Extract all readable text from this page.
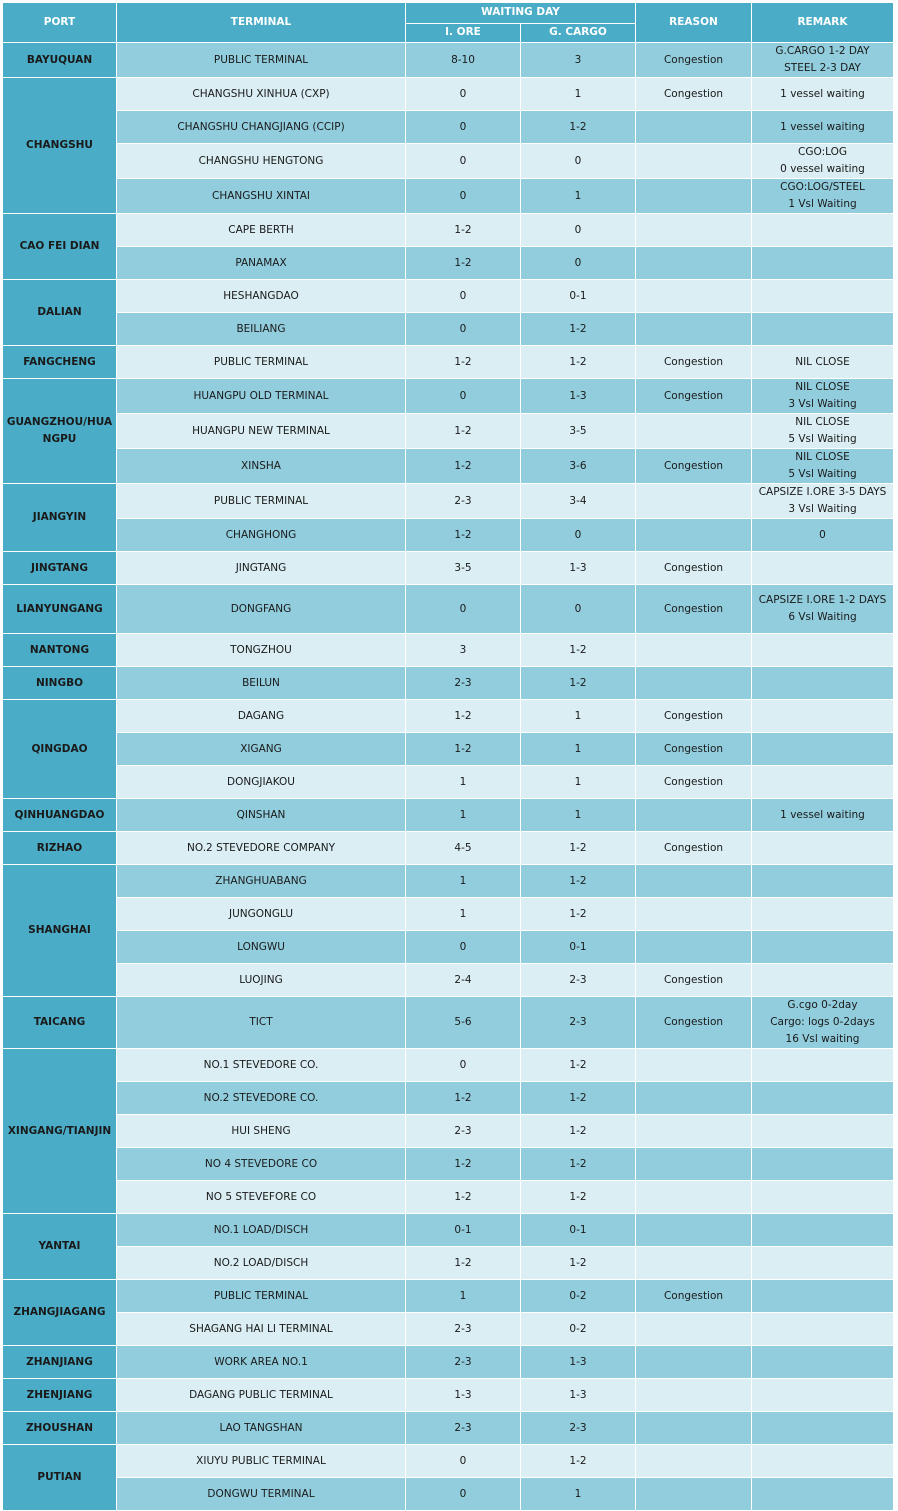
PORT	TERMINAL	WAITING DAY		REASON	REMARK
		I. ORE	G. CARGO		
BAYUQUAN	PUBLIC TERMINAL	8-10	3	Congestion	G.CARGO 1-2 DAY
STEEL 2-3 DAY
CHANGSHU	CHANGSHU XINHUA (CXP)	0	1	Congestion	1 vessel waiting
	CHANGSHU CHANGJIANG (CCIP)	0	1-2		1 vessel waiting
	CHANGSHU HENGTONG	0	0		CGO:LOG
0 vessel waiting
	CHANGSHU XINTAI	0	1		CGO:LOG/STEEL
1 Vsl Waiting
CAO FEI DIAN	CAPE BERTH	1-2	0		
	PANAMAX	1-2	0		
DALIAN	HESHANGDAO	0	0-1		
	BEILIANG	0	1-2		
FANGCHENG	PUBLIC TERMINAL	1-2	1-2	Congestion	NIL CLOSE
GUANGZHOU/HUA
NGPU	HUANGPU OLD TERMINAL	0	1-3	Congestion	NIL CLOSE
3 Vsl Waiting
	HUANGPU NEW TERMINAL	1-2	3-5		NIL CLOSE
5 Vsl Waiting
	XINSHA	1-2	3-6	Congestion	NIL CLOSE
5 Vsl Waiting
JIANGYIN	PUBLIC TERMINAL	2-3	3-4		CAPSIZE I.ORE 3-5 DAYS
3 Vsl Waiting
	CHANGHONG	1-2	0		0
JINGTANG	JINGTANG	3-5	1-3	Congestion	
LIANYUNGANG	DONGFANG	0	0	Congestion	CAPSIZE I.ORE 1-2 DAYS
6 Vsl Waiting
NANTONG	TONGZHOU	3	1-2		
NINGBO	BEILUN	2-3	1-2		
QINGDAO	DAGANG	1-2	1	Congestion	
	XIGANG	1-2	1	Congestion	
	DONGJIAKOU	1	1	Congestion	
QINHUANGDAO	QINSHAN	1	1		1 vessel waiting
RIZHAO	NO.2 STEVEDORE COMPANY	4-5	1-2	Congestion	
SHANGHAI	ZHANGHUABANG	1	1-2		
	JUNGONGLU	1	1-2		
	LONGWU	0	0-1		
	LUOJING	2-4	2-3	Congestion	
TAICANG	TICT	5-6	2-3	Congestion	G.cgo 0-2day
Cargo: logs 0-2days
16 Vsl waiting
XINGANG/TIANJIN	NO.1 STEVEDORE CO.	0	1-2		
	NO.2 STEVEDORE CO.	1-2	1-2		
	HUI SHENG	2-3	1-2		
	NO 4 STEVEDORE CO	1-2	1-2		
	NO 5 STEVEFORE CO	1-2	1-2		
YANTAI	NO.1 LOAD/DISCH	0-1	0-1		
	NO.2 LOAD/DISCH	1-2	1-2		
ZHANGJIAGANG	PUBLIC TERMINAL	1	0-2	Congestion	
	SHAGANG HAI LI TERMINAL	2-3	0-2		
ZHANJIANG	WORK AREA NO.1	2-3	1-3		
ZHENJIANG	DAGANG PUBLIC TERMINAL	1-3	1-3		
ZHOUSHAN	LAO TANGSHAN	2-3	2-3		
PUTIAN	XIUYU PUBLIC TERMINAL	0	1-2		
	DONGWU TERMINAL	0	1		
